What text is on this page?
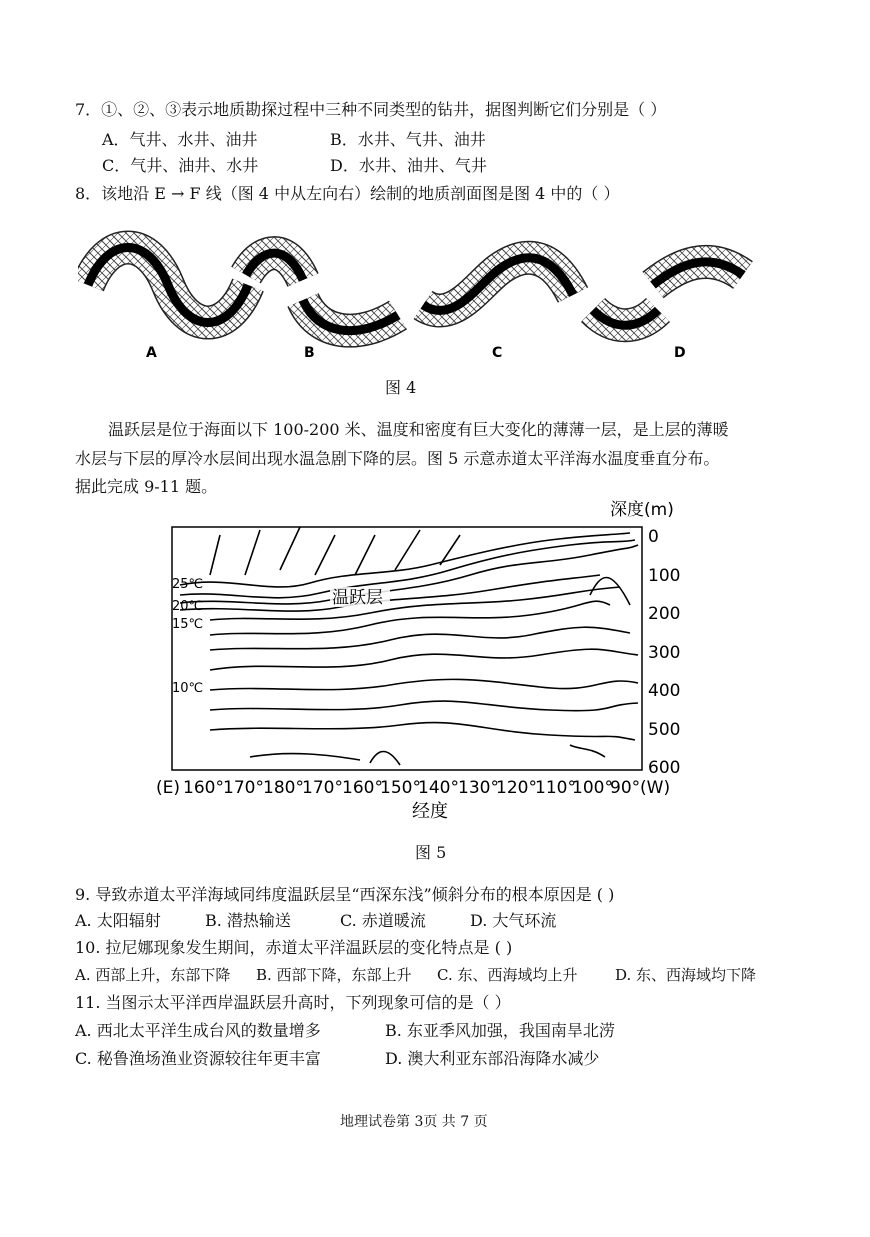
7．①、②、③表示地质勘探过程中三种不同类型的钻井，据图判断它们分别是（ ）
A．气井、水井、油井	B．水井、气井、油井
C．气井、油井、水井	D．水井、油井、气井
8．该地沿 E → F 线（图 4 中从左向右）绘制的地质剖面图是图 4 中的（ ）
A	B	C	D
图 4
温跃层是位于海面以下 100-200 米、温度和密度有巨大变化的薄薄一层，是上层的薄暖
水层与下层的厚冷水层间出现水温急剧下降的层。图 5 示意赤道太平洋海水温度垂直分布。
据此完成 9-11 题。
深度(m)
0
100
200
300
400
500
600
25℃
20℃
15℃
10℃
温跃层
(E) 160° 170° 180°
170° 160°
150°
140° 130°
120°
110°
100°
90° (W)
经度
图 5
9. 导致赤道太平洋海域同纬度温跃层呈“西深东浅”倾斜分布的根本原因是 ( )
A. 太阳辐射	B. 潜热输送	C. 赤道暖流	D. 大气环流
10. 拉尼娜现象发生期间，赤道太平洋温跃层的变化特点是 ( )
A. 西部上升，东部下降 B. 西部下降，东部上升 C. 东、西海域均上升	D. 东、西海域均下降
11. 当图示太平洋西岸温跃层升高时，下列现象可信的是（ ）
A. 西北太平洋生成台风的数量增多	B. 东亚季风加强，我国南旱北涝
C. 秘鲁渔场渔业资源较往年更丰富	D. 澳大利亚东部沿海降水减少
地理试卷第 3页 共 7 页
